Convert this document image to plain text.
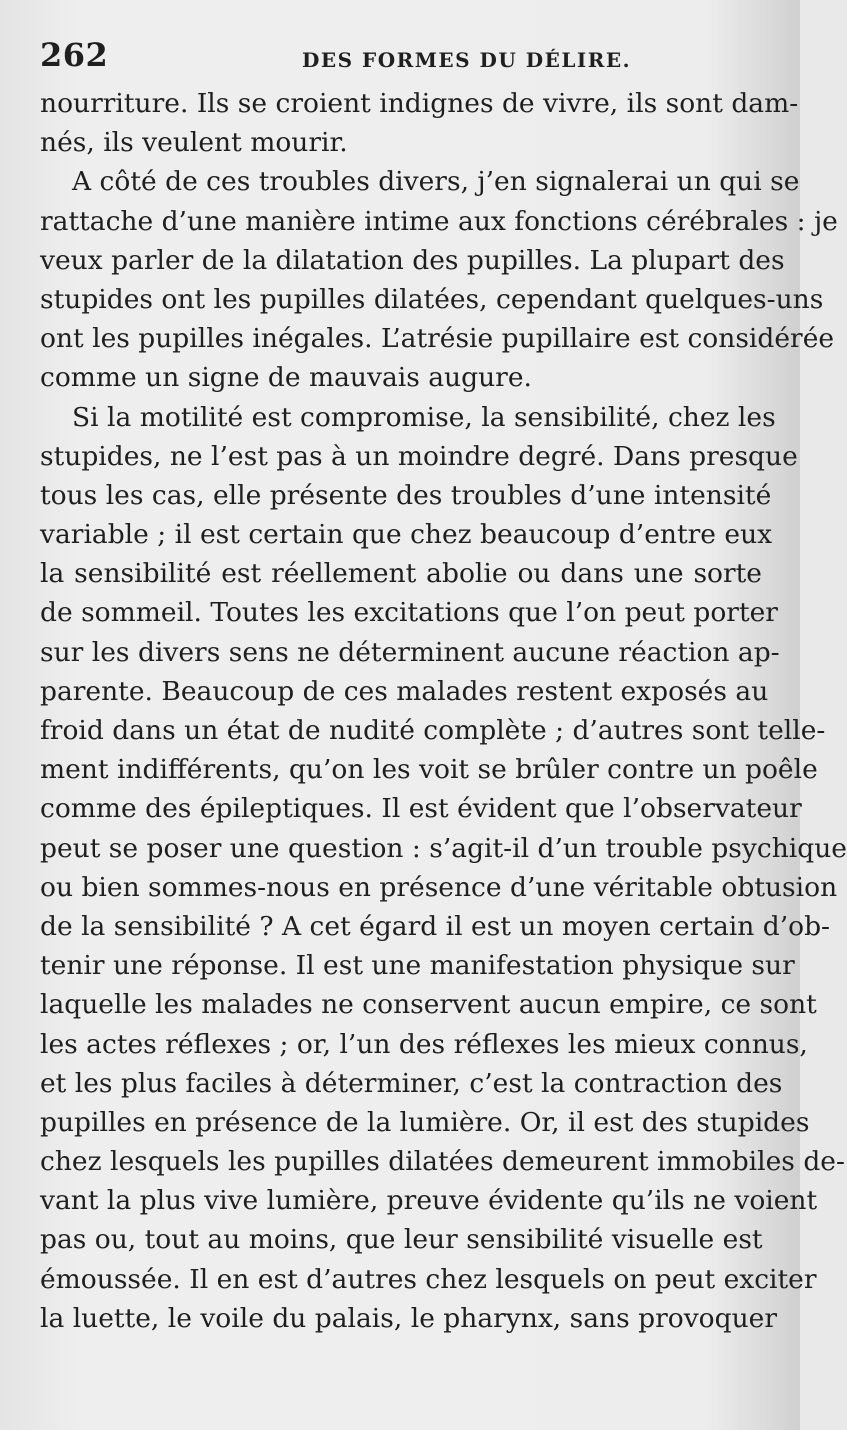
262	DES FORMES DU DÉLIRE.
nourriture. Ils se croient indignes de vivre, ils sont dam-
nés, ils veulent mourir.
A côté de ces troubles divers, j’en signalerai un qui se
rattache d’une manière intime aux fonctions cérébrales : je
veux parler de la dilatation des pupilles. La plupart des
stupides ont les pupilles dilatées, cependant quelques-uns
ont les pupilles inégales. L’atrésie pupillaire est considérée
comme un signe de mauvais augure.
Si la motilité est compromise, la sensibilité, chez les
stupides, ne l’est pas à un moindre degré. Dans presque
tous les cas, elle présente des troubles d’une intensité
variable ; il est certain que chez beaucoup d’entre eux
la sensibilité est réellement abolie ou dans une sorte
de sommeil. Toutes les excitations que l’on peut porter
sur les divers sens ne déterminent aucune réaction ap-
parente. Beaucoup de ces malades restent exposés au
froid dans un état de nudité complète ; d’autres sont telle-
ment indifférents, qu’on les voit se brûler contre un poêle
comme des épileptiques. Il est évident que l’observateur
peut se poser une question : s’agit-il d’un trouble psychique
ou bien sommes-nous en présence d’une véritable obtusion
de la sensibilité ? A cet égard il est un moyen certain d’ob-
tenir une réponse. Il est une manifestation physique sur
laquelle les malades ne conservent aucun empire, ce sont
les actes réflexes ; or, l’un des réflexes les mieux connus,
et les plus faciles à déterminer, c’est la contraction des
pupilles en présence de la lumière. Or, il est des stupides
chez lesquels les pupilles dilatées demeurent immobiles de-
vant la plus vive lumière, preuve évidente qu’ils ne voient
pas ou, tout au moins, que leur sensibilité visuelle est
émoussée. Il en est d’autres chez lesquels on peut exciter
la luette, le voile du palais, le pharynx, sans provoquer
